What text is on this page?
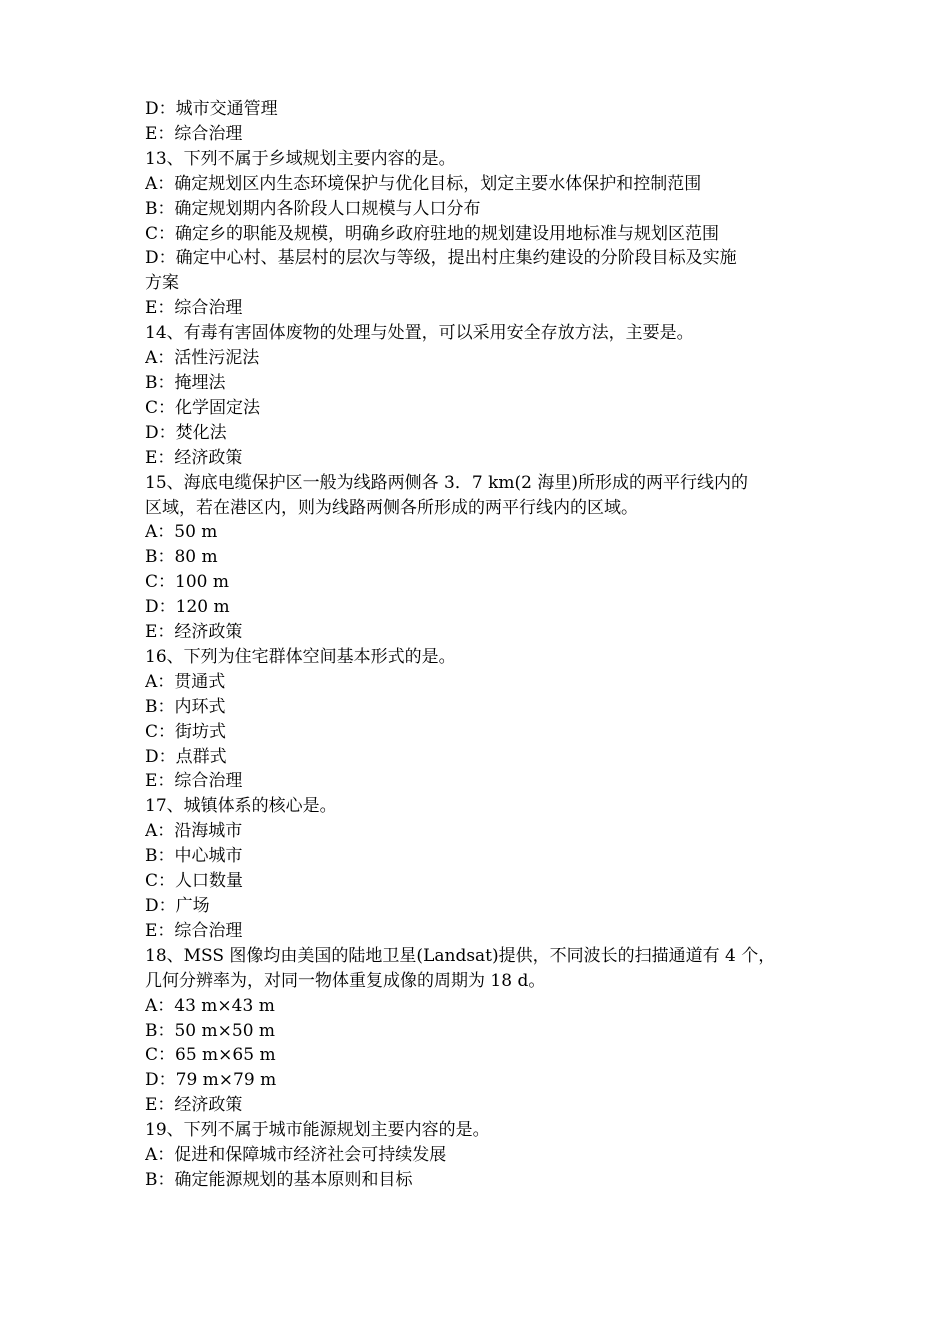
D：城市交通管理
E：综合治理
13、下列不属于乡域规划主要内容的是。
A：确定规划区内生态环境保护与优化目标，划定主要水体保护和控制范围
B：确定规划期内各阶段人口规模与人口分布
C：确定乡的职能及规模，明确乡政府驻地的规划建设用地标准与规划区范围
D：确定中心村、基层村的层次与等级，提出村庄集约建设的分阶段目标及实施
方案
E：综合治理
14、有毒有害固体废物的处理与处置，可以采用安全存放方法，主要是。
A：活性污泥法
B：掩埋法
C：化学固定法
D：焚化法
E：经济政策
15、海底电缆保护区一般为线路两侧各 3．7 km(2 海里)所形成的两平行线内的
区域，若在港区内，则为线路两侧各所形成的两平行线内的区域。
A：50 m
B：80 m
C：100 m
D：120 m
E：经济政策
16、下列为住宅群体空间基本形式的是。
A：贯通式
B：内环式
C：街坊式
D：点群式
E：综合治理
17、城镇体系的核心是。
A：沿海城市
B：中心城市
C：人口数量
D：广场
E：综合治理
18、MSS 图像均由美国的陆地卫星(Landsat)提供，不同波长的扫描通道有 4 个，
几何分辨率为，对同一物体重复成像的周期为 18 d。
A：43 m×43 m
B：50 m×50 m
C：65 m×65 m
D：79 m×79 m
E：经济政策
19、下列不属于城市能源规划主要内容的是。
A：促进和保障城市经济社会可持续发展
B：确定能源规划的基本原则和目标
